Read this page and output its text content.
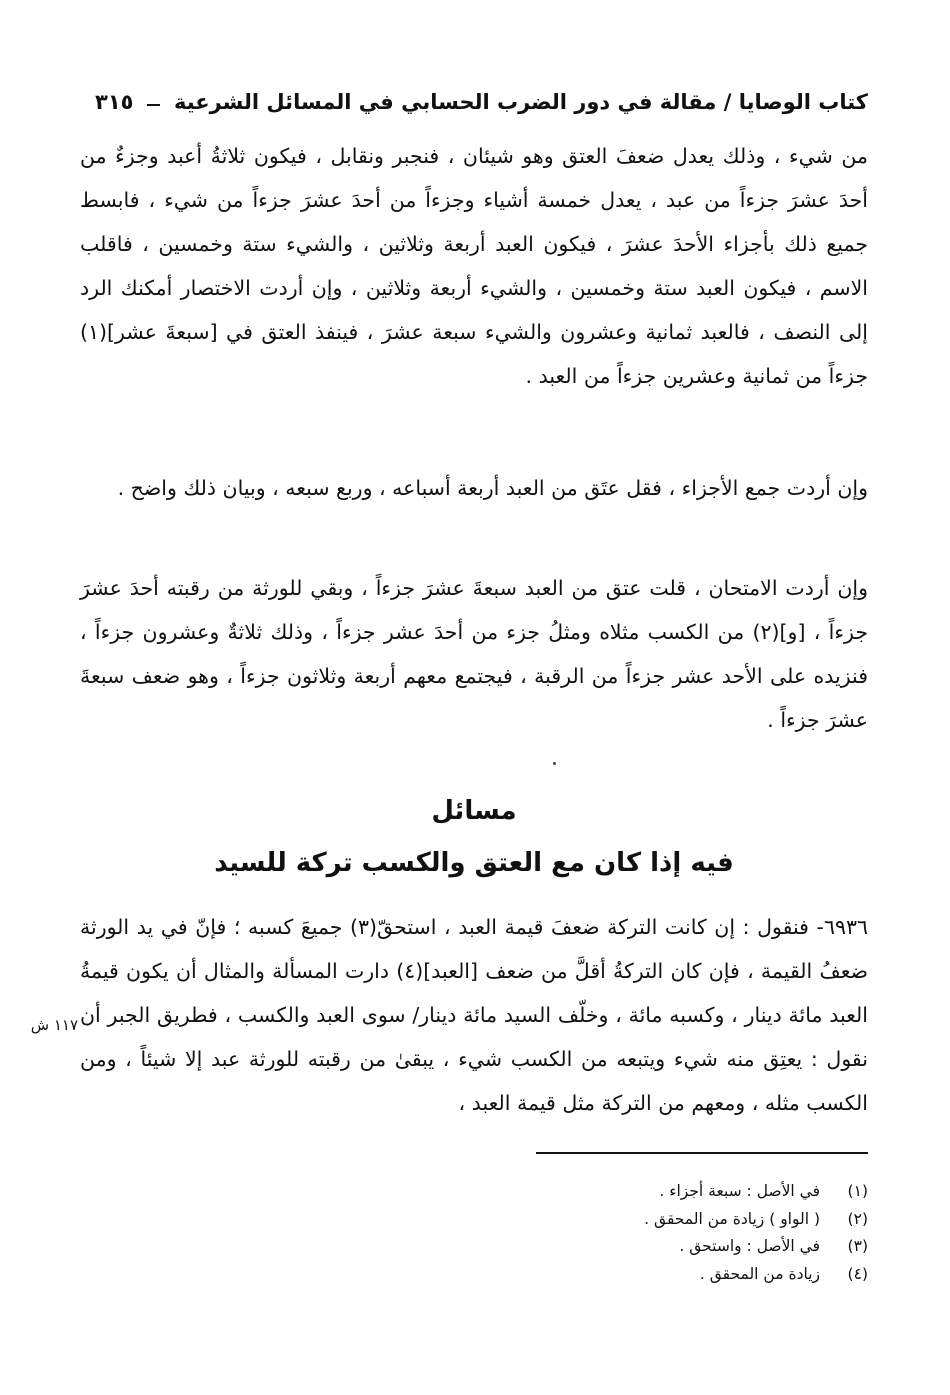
كتاب الوصايا / مقالة في دور الضرب الحسابي في المسائل الشرعية
٣١٥
من شيء ، وذلك يعدل ضعفَ العتق وهو شيئان ، فنجبر ونقابل ، فيكون ثلاثةُ أعبد وجزءٌ من أحدَ عشرَ جزءاً من عبد ، يعدل خمسة أشياء وجزءاً من أحدَ عشرَ جزءاً من شيء ، فابسط جميع ذلك بأجزاء الأحدَ عشرَ ، فيكون العبد أربعة وثلاثين ، والشيء ستة وخمسين ، فاقلب الاسم ، فيكون العبد ستة وخمسين ، والشيء أربعة وثلاثين ، وإن أردت الاختصار أمكنك الرد إلى النصف ، فالعبد ثمانية وعشرون والشيء سبعة عشرَ ، فينفذ العتق في [سبعةَ عشر](١) جزءاً من ثمانية وعشرين جزءاً من العبد .
وإن أردت جمع الأجزاء ، فقل عتَق من العبد أربعة أسباعه ، وربع سبعه ، وبيان ذلك واضح .
وإن أردت الامتحان ، قلت عتق من العبد سبعةَ عشرَ جزءاً ، وبقي للورثة من رقبته أحدَ عشرَ جزءاً ، [و](٢) من الكسب مثلاه ومثلُ جزء من أحدَ عشر جزءاً ، وذلك ثلاثةٌ وعشرون جزءاً ، فنزيده على الأحد عشر جزءاً من الرقبة ، فيجتمع معهم أربعة وثلاثون جزءاً ، وهو ضعف سبعةَ عشرَ جزءاً .
مسائل
فيه إذا كان مع العتق والكسب تركة للسيد
٦٩٣٦- فنقول : إن كانت التركة ضعفَ قيمة العبد ، استحقّ(٣) جميعَ كسبه ؛ فإنّ في يد الورثة ضعفُ القيمة ، فإن كان التركةُ أقلَّ من ضعف [العبد](٤) دارت المسألة والمثال أن يكون قيمةُ العبد مائة دينار ، وكسبه مائة ، وخلّف السيد مائة دينار/ سوى العبد والكسب ، فطريق الجبر أن نقول : يعتِق منه شيء ويتبعه من الكسب شيء ، يبقىٰ من رقبته للورثة عبد إلا شيئاً ، ومن الكسب مثله ، ومعهم من التركة مثل قيمة العبد ،
١١٧ ش
(١)
في الأصل : سبعة أجزاء .
(٢)
( الواو ) زيادة من المحقق .
(٣)
في الأصل : واستحق .
(٤)
زيادة من المحقق .
